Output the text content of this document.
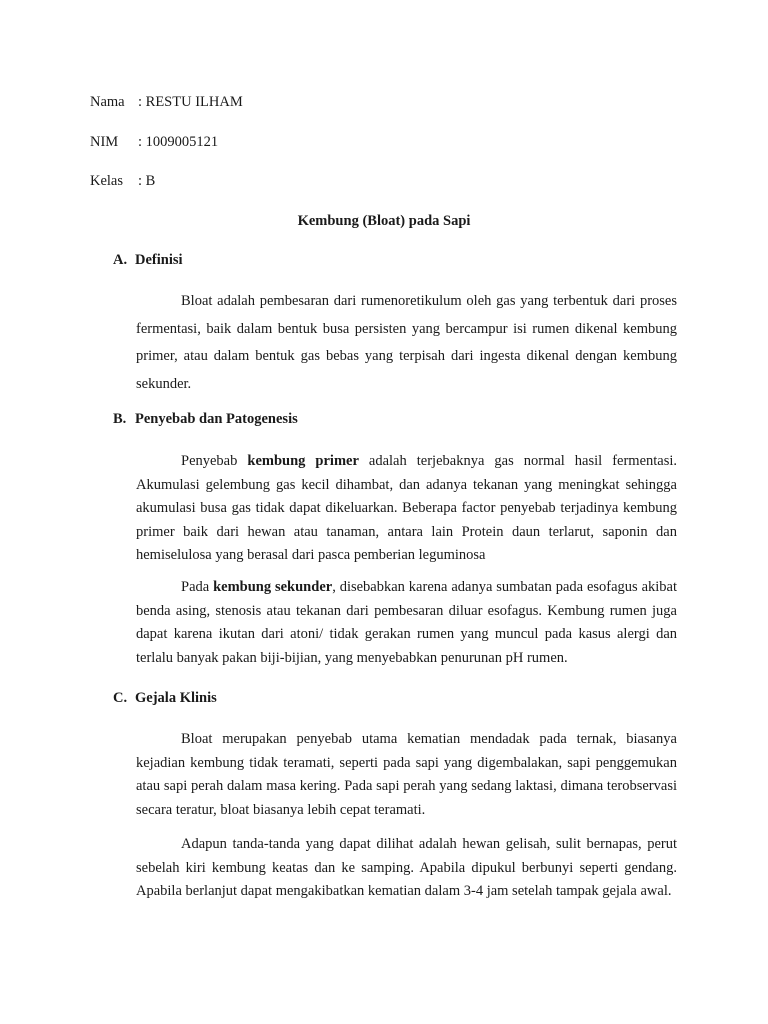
Nama : RESTU ILHAM
NIM : 1009005121
Kelas : B
Kembung (Bloat) pada Sapi
A. Definisi

Bloat adalah pembesaran dari rumenoretikulum oleh gas yang terbentuk dari proses fermentasi, baik dalam bentuk busa persisten yang bercampur isi rumen dikenal kembung primer, atau dalam bentuk gas bebas yang terpisah dari ingesta dikenal dengan kembung sekunder.

B. Penyebab dan Patogenesis

Penyebab kembung primer adalah terjebaknya gas normal hasil fermentasi. Akumulasi gelembung gas kecil dihambat, dan adanya tekanan yang meningkat sehingga akumulasi busa gas tidak dapat dikeluarkan. Beberapa factor penyebab terjadinya kembung primer baik dari hewan atau tanaman, antara lain Protein daun terlarut, saponin dan hemiselulosa yang berasal dari pasca pemberian leguminosa

Pada kembung sekunder, disebabkan karena adanya sumbatan pada esofagus akibat benda asing, stenosis atau tekanan dari pembesaran diluar esofagus. Kembung rumen juga dapat karena ikutan dari atoni/ tidak gerakan rumen yang muncul pada kasus alergi dan terlalu banyak pakan biji-bijian, yang menyebabkan penurunan pH rumen.

C. Gejala Klinis

Bloat merupakan penyebab utama kematian mendadak pada ternak, biasanya kejadian kembung tidak teramati, seperti pada sapi yang digembalakan, sapi penggemukan atau sapi perah dalam masa kering. Pada sapi perah yang sedang laktasi, dimana terobservasi secara teratur, bloat biasanya lebih cepat teramati.

Adapun tanda-tanda yang dapat dilihat adalah hewan gelisah, sulit bernapas, perut sebelah kiri kembung keatas dan ke samping. Apabila dipukul berbunyi seperti gendang. Apabila berlanjut dapat mengakibatkan kematian dalam 3-4 jam setelah tampak gejala awal.
